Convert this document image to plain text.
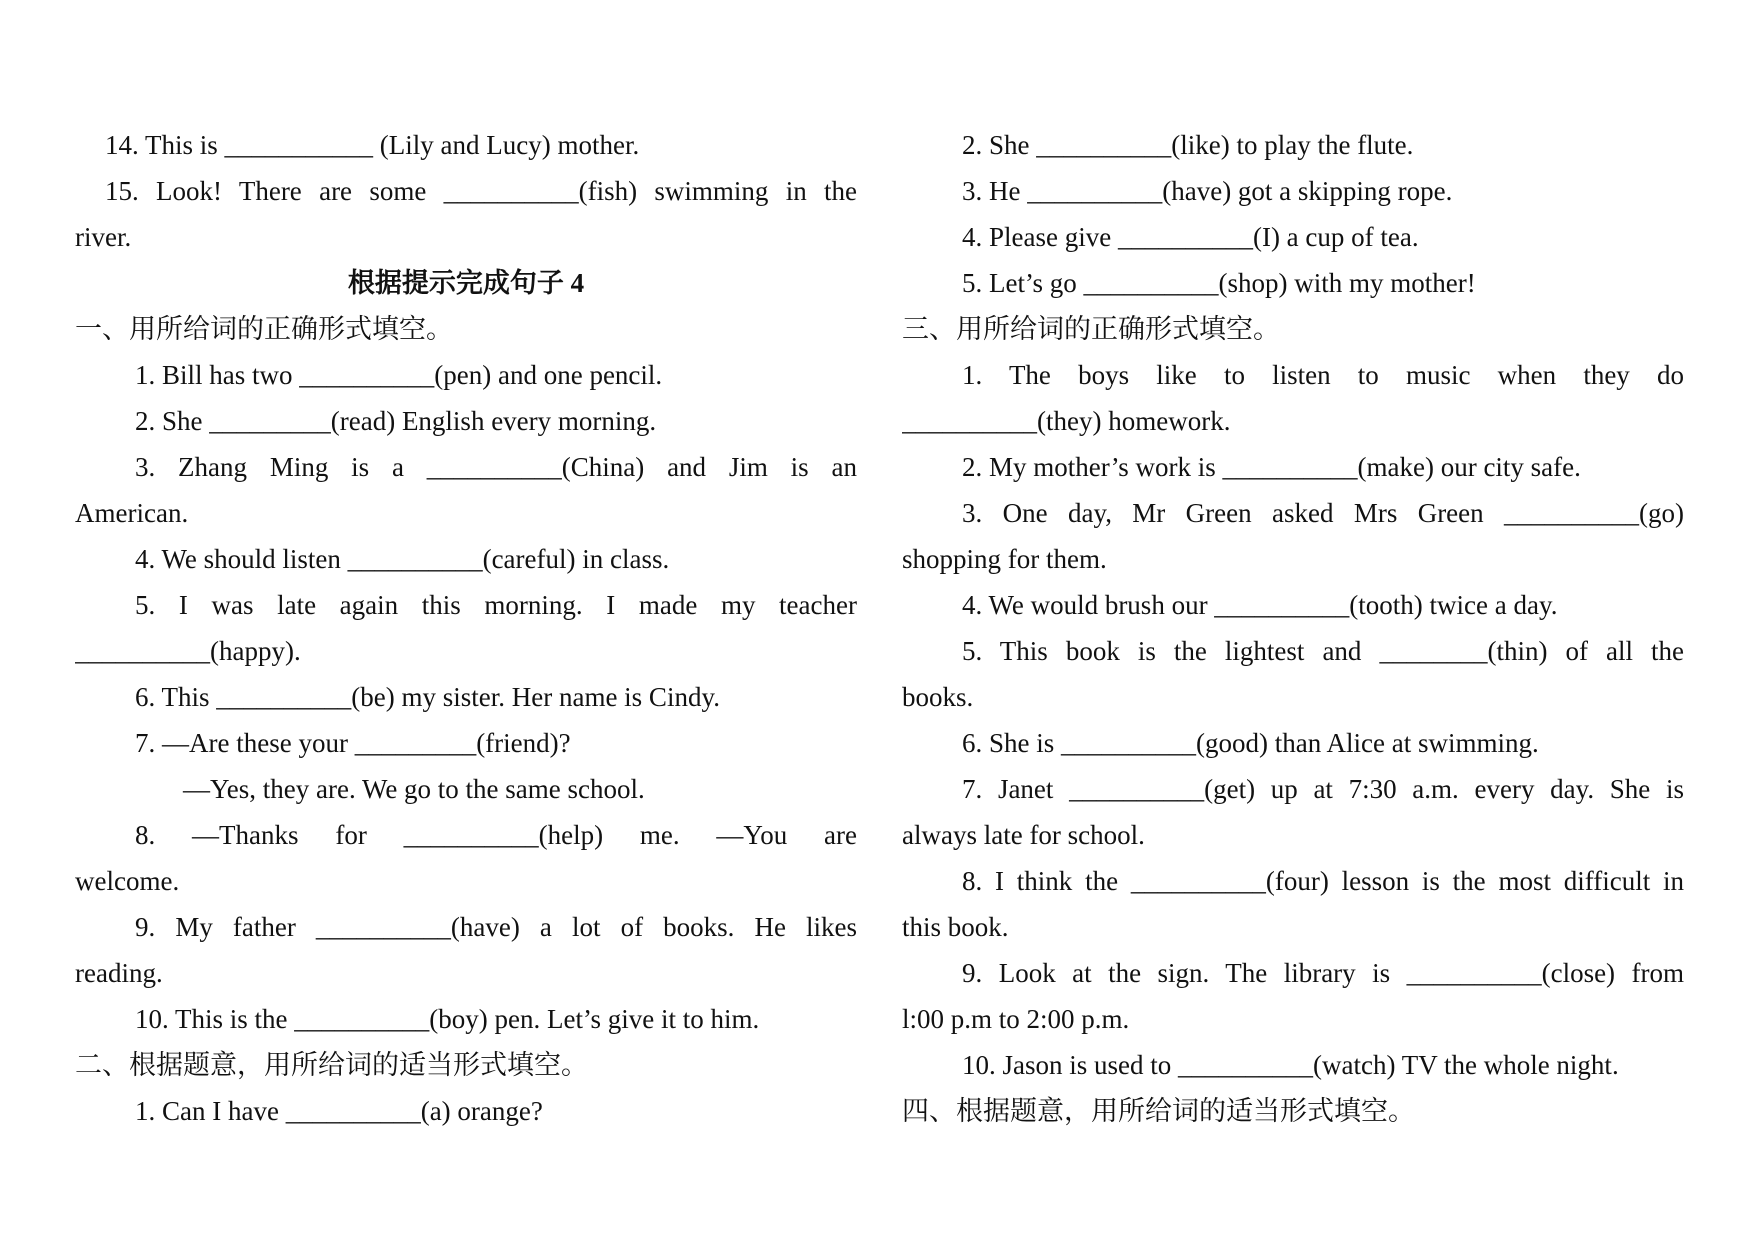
14. This is ___________ (Lily and Lucy) mother.
15. Look! There are some __________(fish) swimming in the
river.
根据提示完成句子 4
一、用所给词的正确形式填空。
1. Bill has two __________(pen) and one pencil.
2. She _________(read) English every morning.
3. Zhang Ming is a __________(China) and Jim is an
American.
4. We should listen __________(careful) in class.
5. I was late again this morning. I made my teacher
__________(happy).
6. This __________(be) my sister. Her name is Cindy.
7. —Are these your _________(friend)?
—Yes, they are. We go to the same school.
8. —Thanks for __________(help) me. —You are
welcome.
9. My father __________(have) a lot of books. He likes
reading.
10. This is the __________(boy) pen. Let’s give it to him.
二、根据题意，用所给词的适当形式填空。
1. Can I have __________(a) orange?
2. She __________(like) to play the flute.
3. He __________(have) got a skipping rope.
4. Please give __________(I) a cup of tea.
5. Let’s go __________(shop) with my mother!
三、用所给词的正确形式填空。
1. The boys like to listen to music when they do
__________(they) homework.
2. My mother’s work is __________(make) our city safe.
3. One day, Mr Green asked Mrs Green __________(go)
shopping for them.
4. We would brush our __________(tooth) twice a day.
5. This book is the lightest and ________(thin) of all the
books.
6. She is __________(good) than Alice at swimming.
7. Janet __________(get) up at 7:30 a.m. every day. She is
always late for school.
8. I think the __________(four) lesson is the most difficult in
this book.
9. Look at the sign. The library is __________(close) from
l:00 p.m to 2:00 p.m.
10. Jason is used to __________(watch) TV the whole night.
四、根据题意，用所给词的适当形式填空。
